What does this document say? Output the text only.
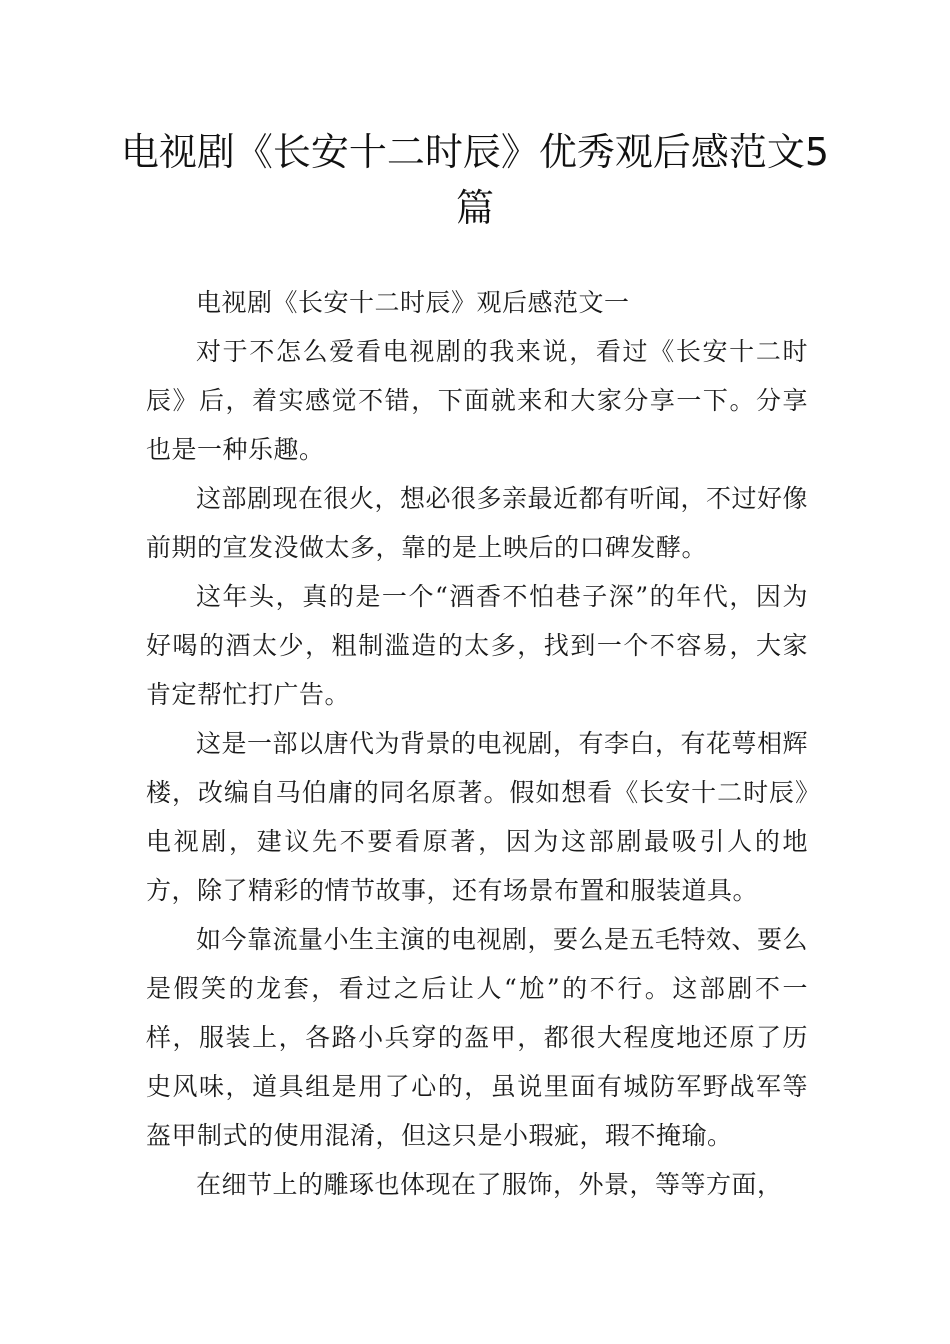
电视剧《长安十二时辰》优秀观后感范文5篇

电视剧《长安十二时辰》观后感范文一

对于不怎么爱看电视剧的我来说，看过《长安十二时辰》后，着实感觉不错，下面就来和大家分享一下。分享也是一种乐趣。

这部剧现在很火，想必很多亲最近都有听闻，不过好像前期的宣发没做太多，靠的是上映后的口碑发酵。

这年头，真的是一个“酒香不怕巷子深”的年代，因为好喝的酒太少，粗制滥造的太多，找到一个不容易，大家肯定帮忙打广告。

这是一部以唐代为背景的电视剧，有李白，有花萼相辉楼，改编自马伯庸的同名原著。假如想看《长安十二时辰》电视剧，建议先不要看原著，因为这部剧最吸引人的地方，除了精彩的情节故事，还有场景布置和服装道具。

如今靠流量小生主演的电视剧，要么是五毛特效、要么是假笑的龙套，看过之后让人“尬”的不行。这部剧不一样，服装上，各路小兵穿的盔甲，都很大程度地还原了历史风味，道具组是用了心的，虽说里面有城防军野战军等盔甲制式的使用混淆，但这只是小瑕疵，瑕不掩瑜。

在细节上的雕琢也体现在了服饰，外景，等等方面，
